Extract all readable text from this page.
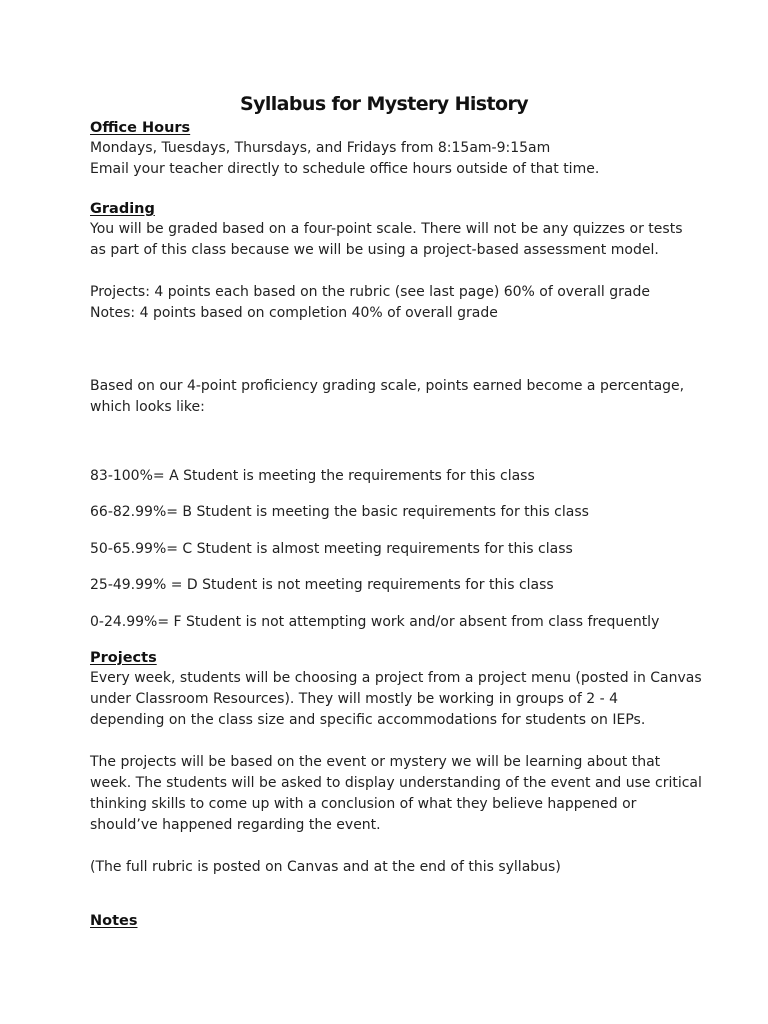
Syllabus for Mystery History
Office Hours
Mondays, Tuesdays, Thursdays, and Fridays from 8:15am-9:15am
Email your teacher directly to schedule office hours outside of that time.
Grading
You will be graded based on a four-point scale. There will not be any quizzes or tests
as part of this class because we will be using a project-based assessment model.
Projects: 4 points each based on the rubric (see last page) 60% of overall grade
Notes: 4 points based on completion 40% of overall grade
Based on our 4-point proficiency grading scale, points earned become a percentage,
which looks like:
83-100%= A Student is meeting the requirements for this class
66-82.99%= B Student is meeting the basic requirements for this class
50-65.99%= C Student is almost meeting requirements for this class
25-49.99% = D Student is not meeting requirements for this class
0-24.99%= F Student is not attempting work and/or absent from class frequently
Projects
Every week, students will be choosing a project from a project menu (posted in Canvas
under Classroom Resources). They will mostly be working in groups of 2 - 4
depending on the class size and specific accommodations for students on IEPs.
The projects will be based on the event or mystery we will be learning about that
week. The students will be asked to display understanding of the event and use critical
thinking skills to come up with a conclusion of what they believe happened or
should’ve happened regarding the event.
(The full rubric is posted on Canvas and at the end of this syllabus)
Notes
